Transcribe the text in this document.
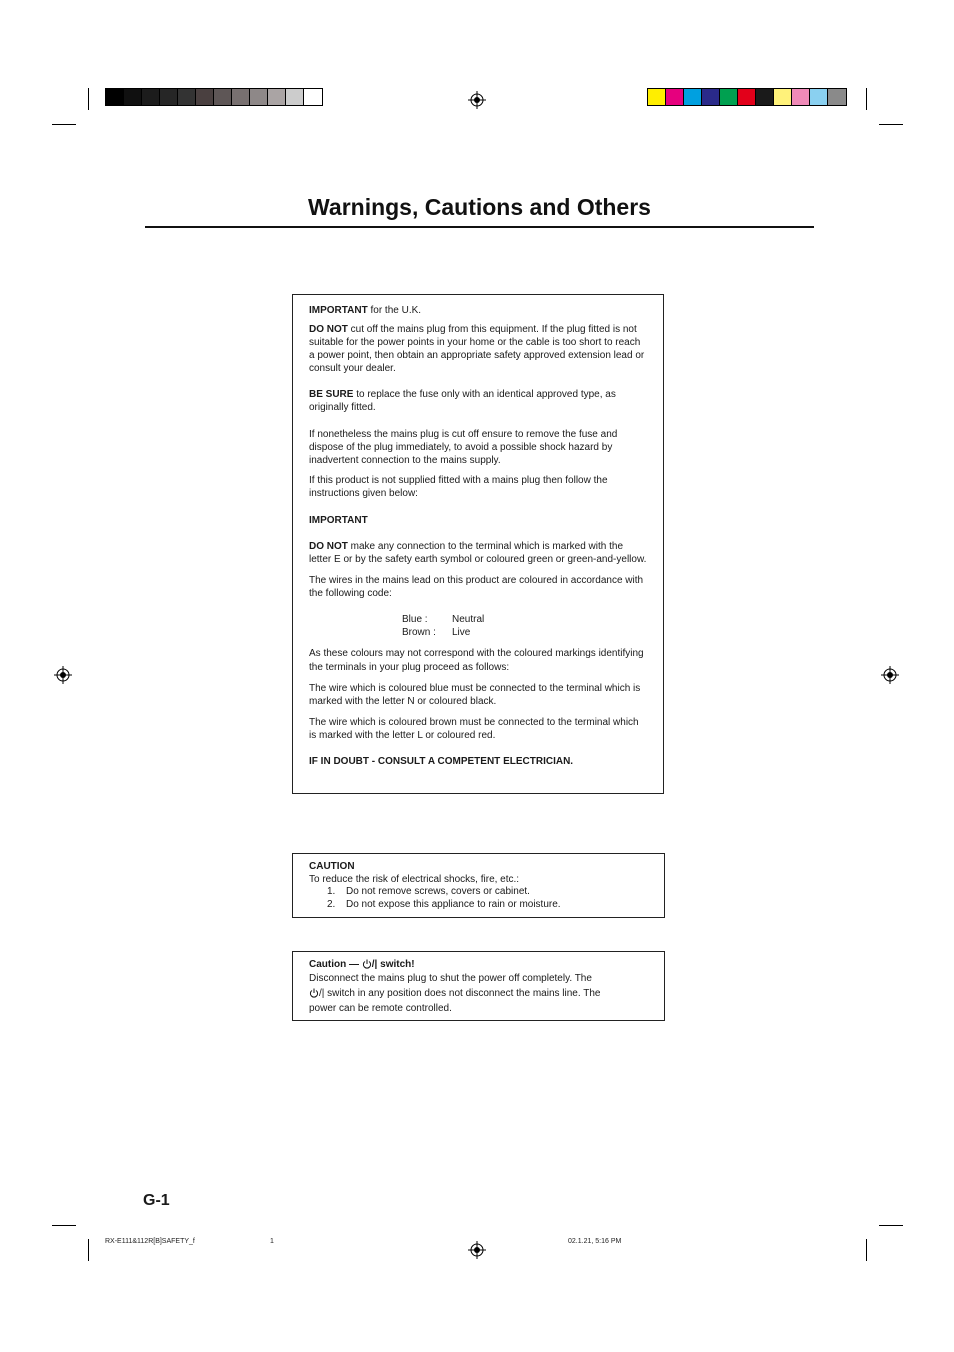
Warnings, Cautions and Others

IMPORTANT for the U.K.

DO NOT cut off the mains plug from this equipment. If the plug fitted is not suitable for the power points in your home or the cable is too short to reach a power point, then obtain an appropriate safety approved extension lead or consult your dealer.

BE SURE to replace the fuse only with an identical approved type, as originally fitted.

If nonetheless the mains plug is cut off ensure to remove the fuse and dispose of the plug immediately, to avoid a possible shock hazard by inadvertent connection to the mains supply.

If this product is not supplied fitted with a mains plug then follow the instructions given below:

IMPORTANT

DO NOT make any connection to the terminal which is marked with the letter E or by the safety earth symbol or coloured green or green-and-yellow.

The wires in the mains lead on this product are coloured in accordance with the following code:

Blue :	Neutral
Brown :	Live

As these colours may not correspond with the coloured markings identifying the terminals in your plug proceed as follows:

The wire which is coloured blue must be connected to the terminal which is marked with the letter N or coloured black.

The wire which is coloured brown must be connected to the terminal which is marked with the letter L or coloured red.

IF IN DOUBT - CONSULT A COMPETENT ELECTRICIAN.

CAUTION

To reduce the risk of electrical shocks, fire, etc.:

1.	Do not remove screws, covers or cabinet.
2.	Do not expose this appliance to rain or moisture.

Caution — /| switch!

Disconnect the mains plug to shut the power off completely. The

/| switch in any position does not disconnect the mains line. The

power can be remote controlled.

G-1
RX-E111&112R[B]SAFETY_f	1	02.1.21, 5:16 PM
